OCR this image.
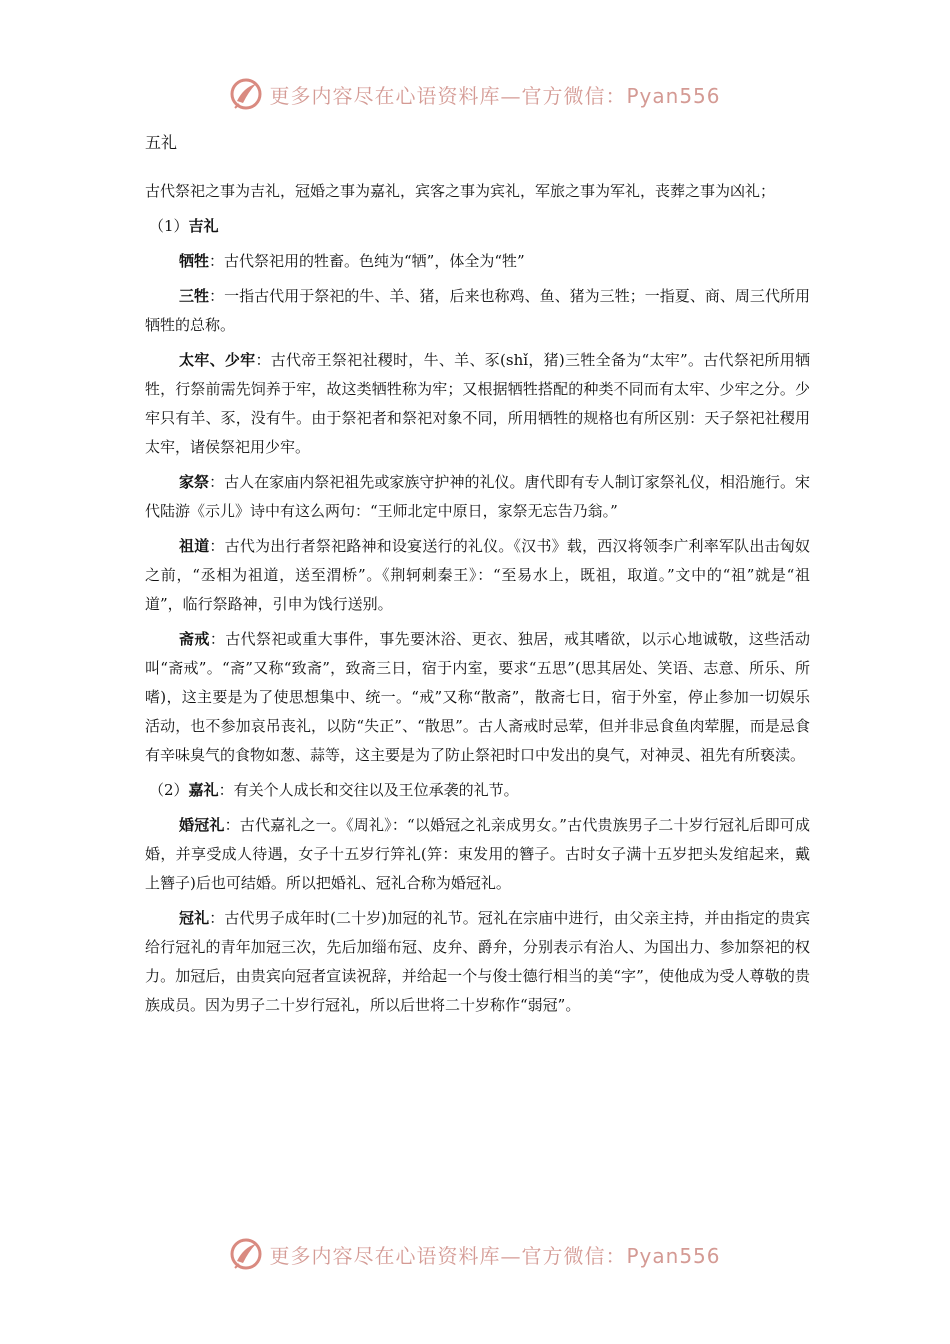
更多内容尽在心语资料库—官方微信：Pyan556

五礼

古代祭祀之事为吉礼，冠婚之事为嘉礼，宾客之事为宾礼，军旅之事为军礼，丧葬之事为凶礼；

（1）吉礼

牺牲：古代祭祀用的牲畜。色纯为“牺”，体全为“牲”

三牲：一指古代用于祭祀的牛、羊、猪，后来也称鸡、鱼、猪为三牲；一指夏、商、周三代所用牺牲的总称。

太牢、少牢：古代帝王祭祀社稷时，牛、羊、豕(shǐ，猪)三牲全备为“太牢”。古代祭祀所用牺牲，行祭前需先饲养于牢，故这类牺牲称为牢；又根据牺牲搭配的种类不同而有太牢、少牢之分。少牢只有羊、豕，没有牛。由于祭祀者和祭祀对象不同，所用牺牲的规格也有所区别：天子祭祀社稷用太牢，诸侯祭祀用少牢。

家祭：古人在家庙内祭祀祖先或家族守护神的礼仪。唐代即有专人制订家祭礼仪，相沿施行。宋代陆游《示儿》诗中有这么两句：“王师北定中原日，家祭无忘告乃翁。”

祖道：古代为出行者祭祀路神和设宴送行的礼仪。《汉书》载，西汉将领李广利率军队出击匈奴之前，“丞相为祖道，送至渭桥”。《荆轲刺秦王》：“至易水上，既祖，取道。”文中的“祖”就是“祖道”，临行祭路神，引申为饯行送别。

斋戒：古代祭祀或重大事件，事先要沐浴、更衣、独居，戒其嗜欲，以示心地诚敬，这些活动叫“斋戒”。“斋”又称“致斋”，致斋三日，宿于内室，要求“五思”(思其居处、笑语、志意、所乐、所嗜)，这主要是为了使思想集中、统一。“戒”又称“散斋”，散斋七日，宿于外室，停止参加一切娱乐活动，也不参加哀吊丧礼，以防“失正”、“散思”。古人斋戒时忌荤，但并非忌食鱼肉荤腥，而是忌食有辛味臭气的食物如葱、蒜等，这主要是为了防止祭祀时口中发出的臭气，对神灵、祖先有所亵渎。

（2）嘉礼：有关个人成长和交往以及王位承袭的礼节。

婚冠礼：古代嘉礼之一。《周礼》：“以婚冠之礼亲成男女。”古代贵族男子二十岁行冠礼后即可成婚，并享受成人待遇，女子十五岁行笄礼(笄：束发用的簪子。古时女子满十五岁把头发绾起来，戴上簪子)后也可结婚。所以把婚礼、冠礼合称为婚冠礼。

冠礼：古代男子成年时(二十岁)加冠的礼节。冠礼在宗庙中进行，由父亲主持，并由指定的贵宾给行冠礼的青年加冠三次，先后加缁布冠、皮弁、爵弁，分别表示有治人、为国出力、参加祭祀的权力。加冠后，由贵宾向冠者宣读祝辞，并给起一个与俊士德行相当的美“字”，使他成为受人尊敬的贵族成员。因为男子二十岁行冠礼，所以后世将二十岁称作“弱冠”。

更多内容尽在心语资料库—官方微信：Pyan556
